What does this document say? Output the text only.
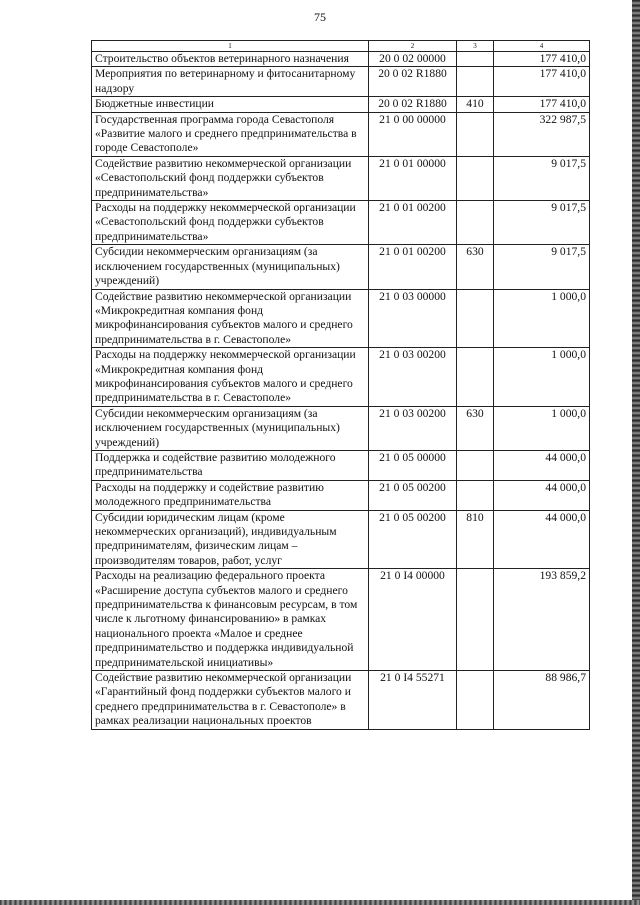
75
1	2	3	4
Строительство объектов ветеринарного назначения	20 0 02 00000		177 410,0
Мероприятия по ветеринарному и фитосанитарному надзору	20 0 02 R1880		177 410,0
Бюджетные инвестиции	20 0 02 R1880	410	177 410,0
Государственная программа города Севастополя «Развитие малого и среднего предпринимательства в городе Севастополе»	21 0 00 00000		322 987,5
Содействие развитию некоммерческой организации «Севастопольский фонд поддержки субъектов предпринимательства»	21 0 01 00000		9 017,5
Расходы на поддержку некоммерческой организации «Севастопольский фонд поддержки субъектов предпринимательства»	21 0 01 00200		9 017,5
Субсидии некоммерческим организациям (за исключением государственных (муниципальных) учреждений)	21 0 01 00200	630	9 017,5
Содействие развитию некоммерческой организации «Микрокредитная компания фонд микрофинансирования субъектов малого и среднего предпринимательства в г. Севастополе»	21 0 03 00000		1 000,0
Расходы на поддержку некоммерческой организации «Микрокредитная компания фонд микрофинансирования субъектов малого и среднего предпринимательства в г. Севастополе»	21 0 03 00200		1 000,0
Субсидии некоммерческим организациям (за исключением государственных (муниципальных) учреждений)	21 0 03 00200	630	1 000,0
Поддержка и содействие развитию молодежного предпринимательства	21 0 05 00000		44 000,0
Расходы на поддержку и содействие развитию молодежного предпринимательства	21 0 05 00200		44 000,0
Субсидии юридическим лицам (кроме некоммерческих организаций), индивидуальным предпринимателям, физическим лицам – производителям товаров, работ, услуг	21 0 05 00200	810	44 000,0
Расходы на реализацию федерального проекта «Расширение доступа субъектов малого и среднего предпринимательства к финансовым ресурсам, в том числе к льготному финансированию» в рамках национального проекта «Малое и среднее предпринимательство и поддержка индивидуальной предпринимательской инициативы»	21 0 I4 00000		193 859,2
Содействие развитию некоммерческой организации «Гарантийный фонд поддержки субъектов малого и среднего предпринимательства в г. Севастополе» в рамках реализации национальных проектов	21 0 I4 55271		88 986,7
